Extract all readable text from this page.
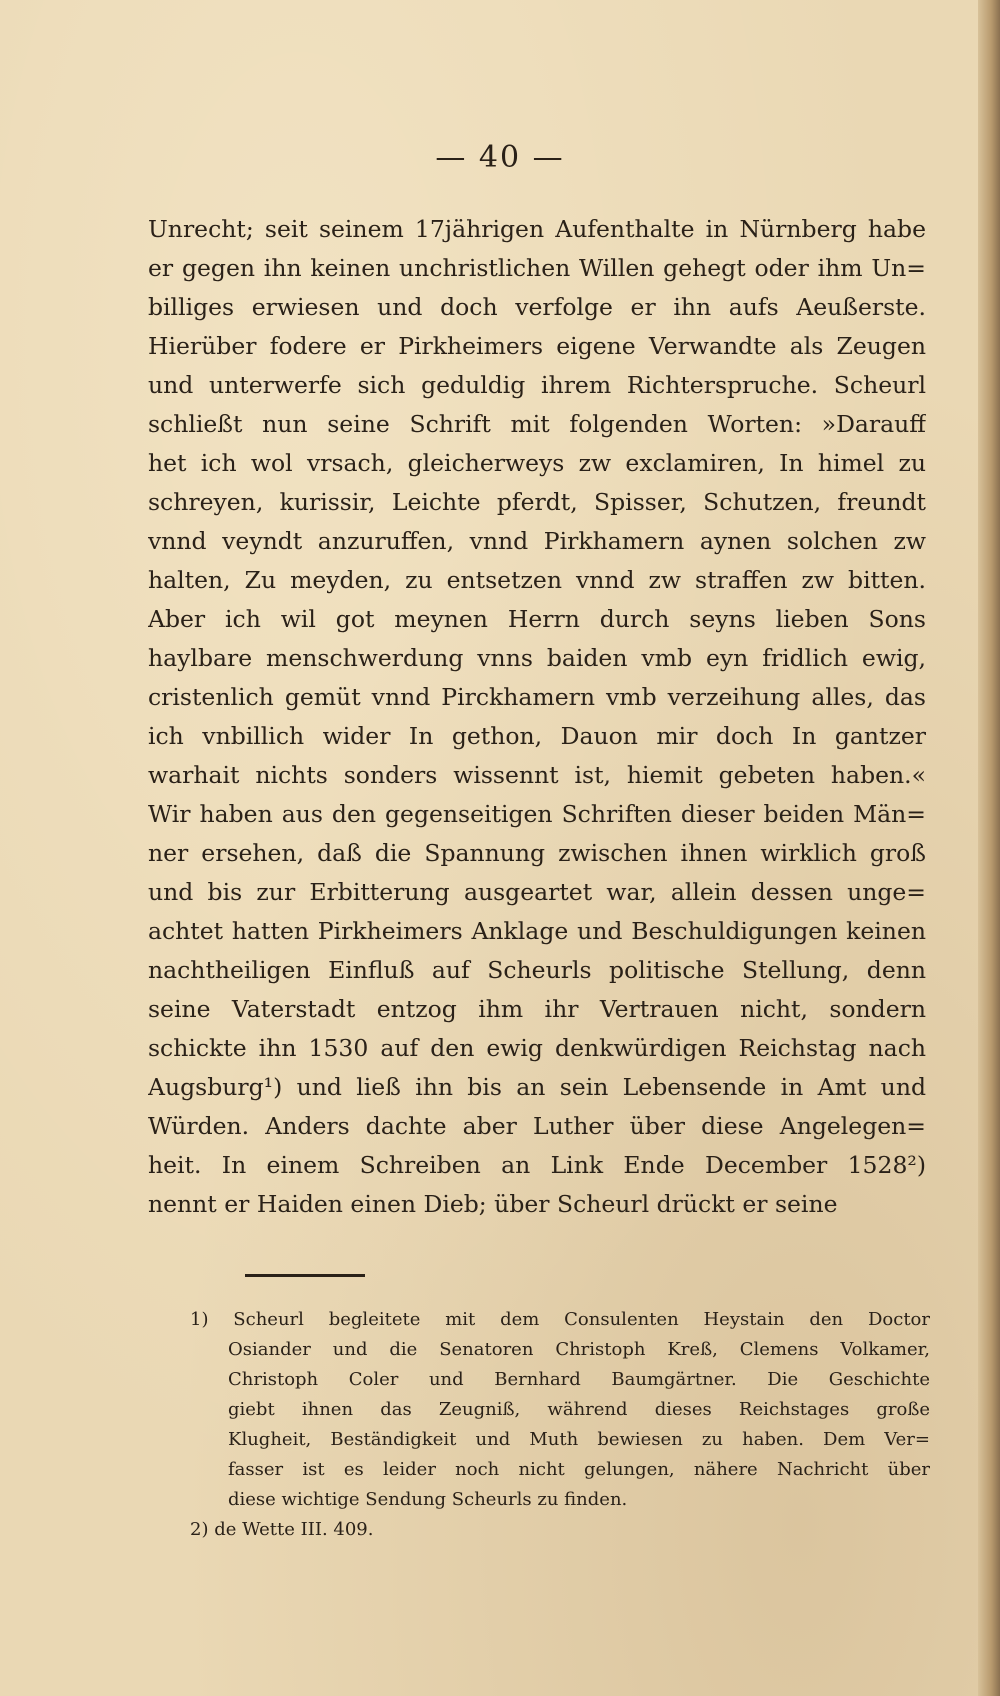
— 40 —
Unrecht; seit seinem 17jährigen Aufenthalte in Nürnberg habe
er gegen ihn keinen unchristlichen Willen gehegt oder ihm Un=
billiges erwiesen und doch verfolge er ihn aufs Aeußerste.
Hierüber fodere er Pirkheimers eigene Verwandte als Zeugen
und unterwerfe sich geduldig ihrem Richterspruche. Scheurl
schließt nun seine Schrift mit folgenden Worten: »Darauff
het ich wol vrsach, gleicherweys zw exclamiren, In himel zu
schreyen, kurissir, Leichte pferdt, Spisser, Schutzen, freundt
vnnd veyndt anzuruffen, vnnd Pirkhamern aynen solchen zw
halten, Zu meyden, zu entsetzen vnnd zw straffen zw bitten.
Aber ich wil got meynen Herrn durch seyns lieben Sons
haylbare menschwerdung vnns baiden vmb eyn fridlich ewig,
cristenlich gemüt vnnd Pirckhamern vmb verzeihung alles, das
ich vnbillich wider In gethon, Dauon mir doch In gantzer
warhait nichts sonders wissennt ist, hiemit gebeten haben.«
Wir haben aus den gegenseitigen Schriften dieser beiden Män=
ner ersehen, daß die Spannung zwischen ihnen wirklich groß
und bis zur Erbitterung ausgeartet war, allein dessen unge=
achtet hatten Pirkheimers Anklage und Beschuldigungen keinen
nachtheiligen Einfluß auf Scheurls politische Stellung, denn
seine Vaterstadt entzog ihm ihr Vertrauen nicht, sondern
schickte ihn 1530 auf den ewig denkwürdigen Reichstag nach
Augsburg¹) und ließ ihn bis an sein Lebensende in Amt und
Würden. Anders dachte aber Luther über diese Angelegen=
heit. In einem Schreiben an Link Ende December 1528²)
nennt er Haiden einen Dieb; über Scheurl drückt er seine
1) Scheurl begleitete mit dem Consulenten Heystain den Doctor
Osiander und die Senatoren Christoph Kreß, Clemens Volkamer,
Christoph Coler und Bernhard Baumgärtner. Die Geschichte
giebt ihnen das Zeugniß, während dieses Reichstages große
Klugheit, Beständigkeit und Muth bewiesen zu haben. Dem Ver=
fasser ist es leider noch nicht gelungen, nähere Nachricht über
diese wichtige Sendung Scheurls zu finden.
2) de Wette III. 409.
